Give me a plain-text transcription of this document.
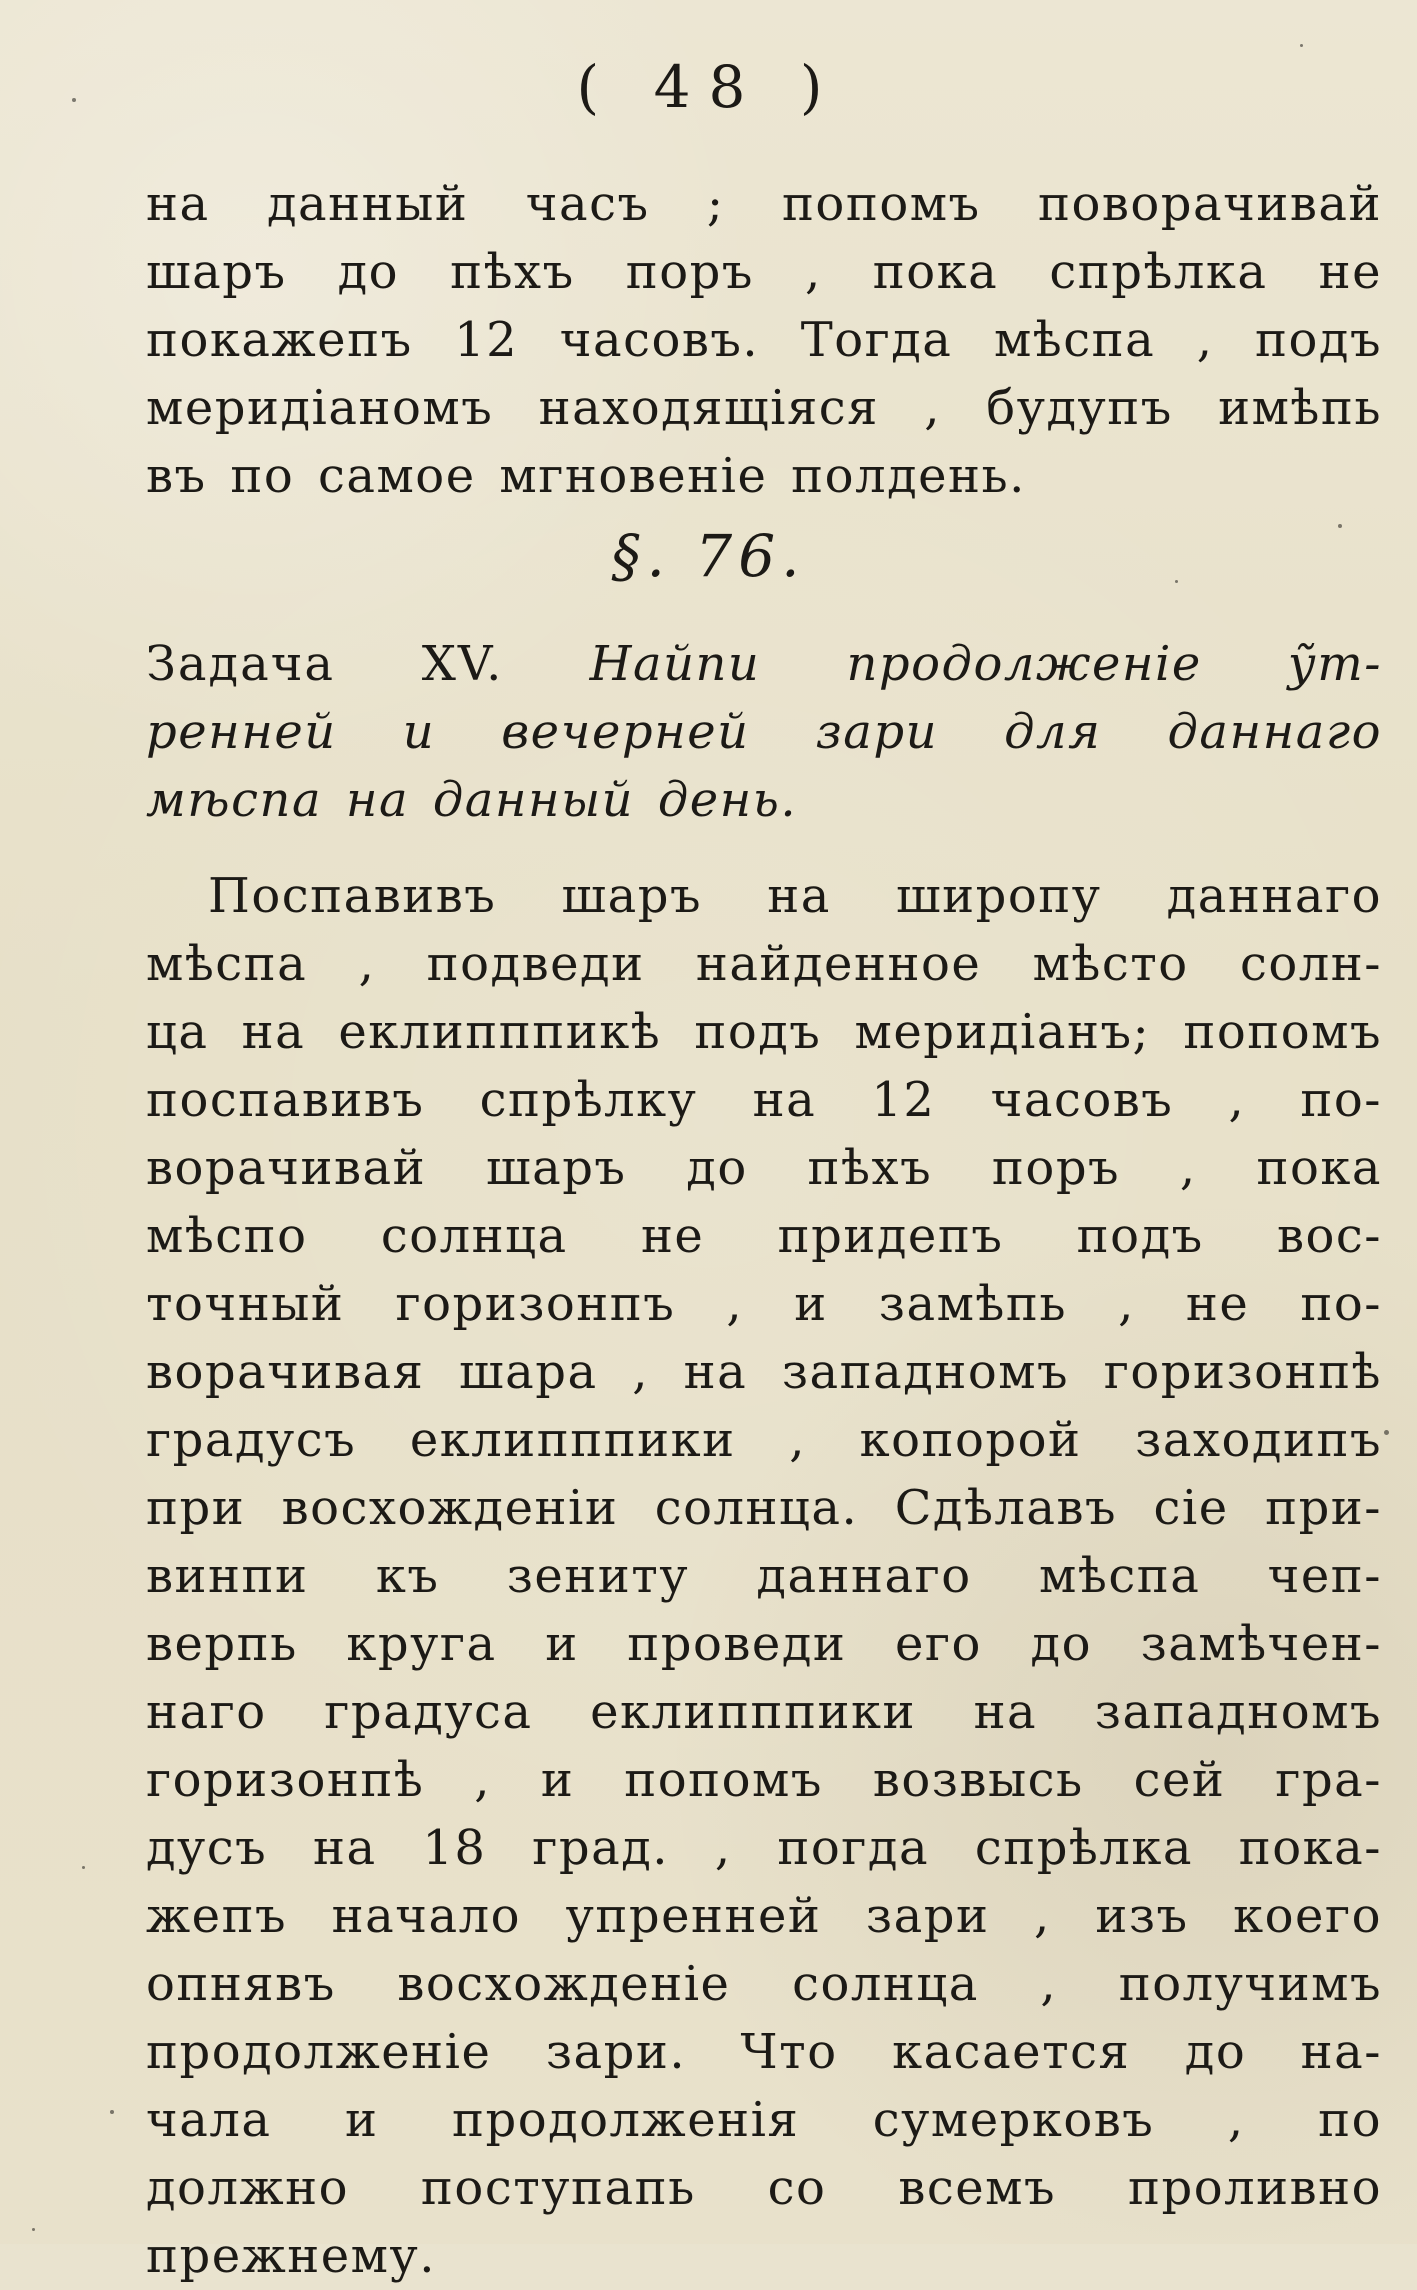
( 48 )
на данный часъ ; попомъ поворачивай
шаръ до пѣхъ поръ , пока спрѣлка не
покажепъ 12 часовъ. Тогда мѣспа , подъ
меридіаномъ находящіяся , будупъ имѣпь
въ по самое мгновеніе полдень.
§. 76.
Задача XV. Найпи продолженіе у̃т-
ренней и вечерней зари для даннаго
мѣспа на данный день.
Поспавивъ шаръ на широпу даннаго
мѣспа , подведи найденное мѣсто солн-
ца на еклипппикѣ подъ меридіанъ; попомъ
поспавивъ спрѣлку на 12 часовъ , по-
ворачивай шаръ до пѣхъ поръ , пока
мѣспо солнца не придепъ подъ вос-
точный горизонпъ , и замѣпь , не по-
ворачивая шара , на западномъ горизонпѣ
градусъ еклипппики , копорой заходипъ
при восхожденіи солнца. Сдѣлавъ сіе при-
винпи къ зениту даннаго мѣспа чеп-
верпь круга и проведи его до замѣчен-
наго градуса еклипппики на западномъ
горизонпѣ , и попомъ возвысь сей гра-
дусъ на 18 град. , погда спрѣлка пока-
жепъ начало упренней зари , изъ коего
опнявъ восхожденіе солнца , получимъ
продолженіе зари. Что касается до на-
чала и продолженія сумерковъ , по
должно поступапь со всемъ проливно
прежнему.
